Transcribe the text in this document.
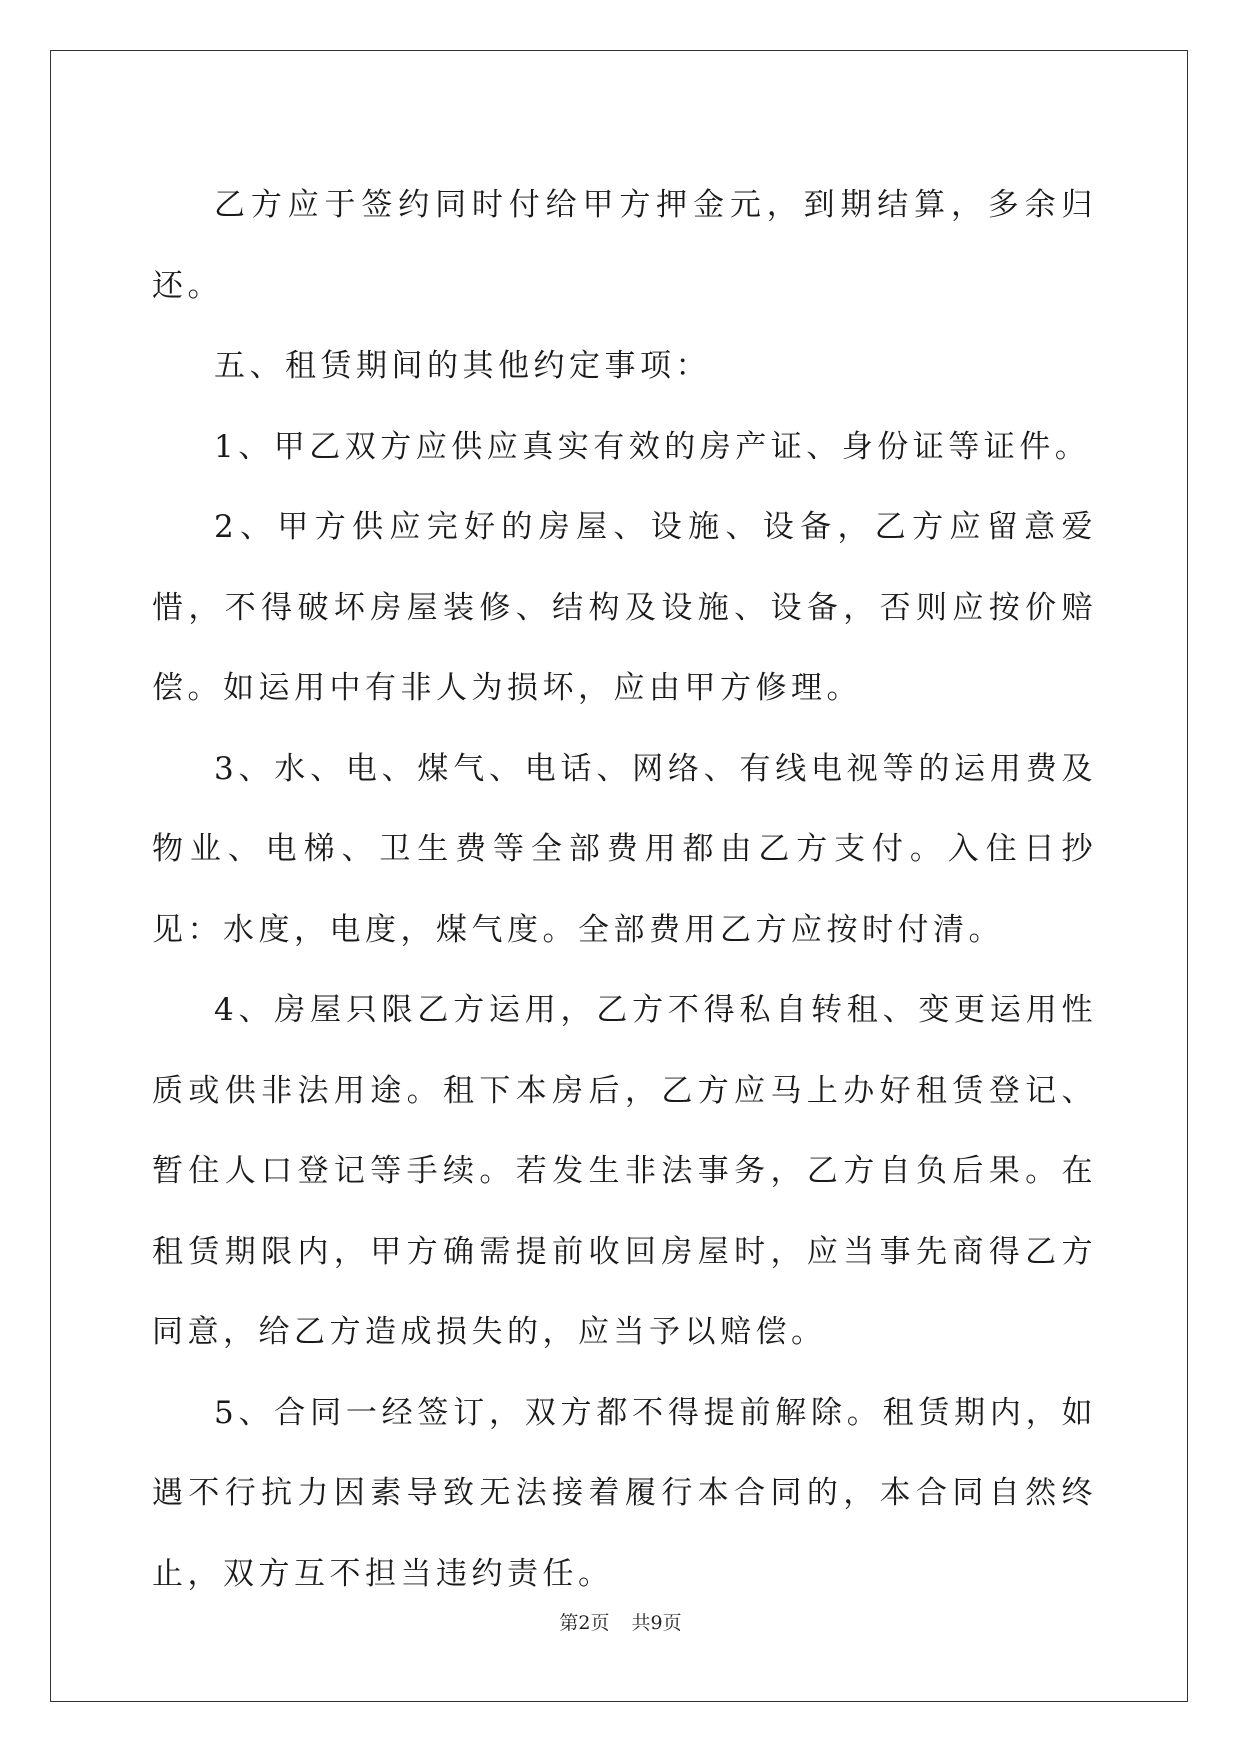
乙方应于签约同时付给甲方押金元，到期结算，多余归还。

五、租赁期间的其他约定事项：

1、甲乙双方应供应真实有效的房产证、身份证等证件。

2、甲方供应完好的房屋、设施、设备，乙方应留意爱惜，不得破坏房屋装修、结构及设施、设备，否则应按价赔偿。如运用中有非人为损坏，应由甲方修理。

3、水、电、煤气、电话、网络、有线电视等的运用费及物业、电梯、卫生费等全部费用都由乙方支付。入住日抄见：水度，电度，煤气度。全部费用乙方应按时付清。

4、房屋只限乙方运用，乙方不得私自转租、变更运用性质或供非法用途。租下本房后，乙方应马上办好租赁登记、暂住人口登记等手续。若发生非法事务，乙方自负后果。在租赁期限内，甲方确需提前收回房屋时，应当事先商得乙方同意，给乙方造成损失的，应当予以赔偿。

5、合同一经签订，双方都不得提前解除。租赁期内，如遇不行抗力因素导致无法接着履行本合同的，本合同自然终止，双方互不担当违约责任。

第2页 共9页
